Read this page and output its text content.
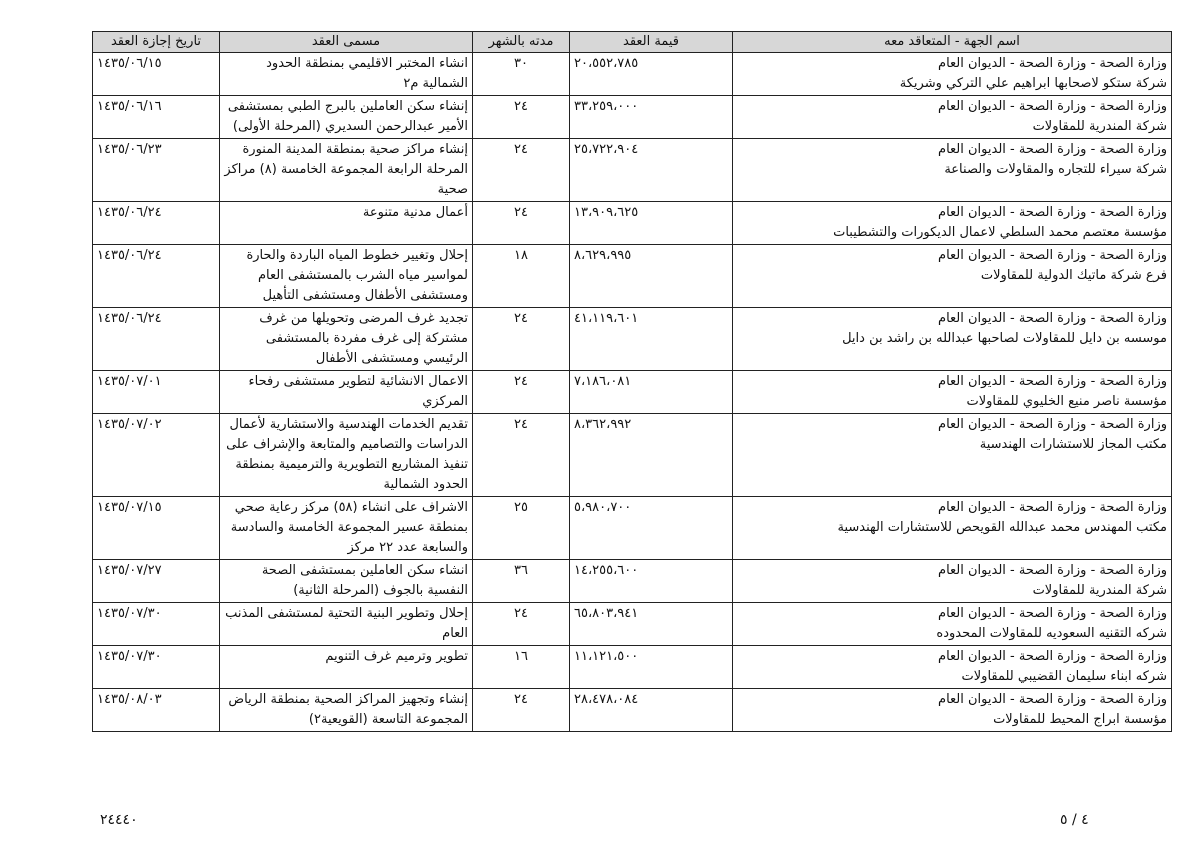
اسم الجهة - المتعاقد معه	قيمة العقد	مدته بالشهر	مسمى العقد	تاريخ إجازة العقد

وزارة الصحة - وزارة الصحة - الديوان العام
شركة ستكو لاصحابها ابراهيم علي التركي وشريكة	٢٠،٥٥٢،٧٨٥	٣٠	انشاء المختبر الاقليمي بمنطقة الحدود الشمالية م٢	١٤٣٥/٠٦/١٥

وزارة الصحة - وزارة الصحة - الديوان العام
شركة المندرية للمقاولات	٣٣،٢٥٩،٠٠٠	٢٤	إنشاء سكن العاملين بالبرج الطبي بمستشفى الأمير عبدالرحمن السديري (المرحلة الأولى)	١٤٣٥/٠٦/١٦

وزارة الصحة - وزارة الصحة - الديوان العام
شركة سيراء للتجاره والمقاولات والصناعة	٢٥،٧٢٢،٩٠٤	٢٤	إنشاء مراكز صحية بمنطقة المدينة المنورة المرحلة الرابعة المجموعة الخامسة (٨) مراكز صحية	١٤٣٥/٠٦/٢٣

وزارة الصحة - وزارة الصحة - الديوان العام
مؤسسة معتصم محمد السلطي لاعمال الديكورات والتشطيبات	١٣،٩٠٩،٦٢٥	٢٤	أعمال مدنية متنوعة	١٤٣٥/٠٦/٢٤

وزارة الصحة - وزارة الصحة - الديوان العام
فرع شركة ماتيك الدولية للمقاولات	٨،٦٢٩،٩٩٥	١٨	إحلال وتغيير خطوط المياه الباردة والحارة لمواسير مياه الشرب بالمستشفى العام ومستشفى الأطفال ومستشفى التأهيل	١٤٣٥/٠٦/٢٤

وزارة الصحة - وزارة الصحة - الديوان العام
موسسه بن دايل للمقاولات لصاحبها عبدالله بن راشد بن دايل	٤١،١١٩،٦٠١	٢٤	تجديد غرف المرضى وتحويلها من غرف مشتركة إلى غرف مفردة بالمستشفى الرئيسي ومستشفى الأطفال	١٤٣٥/٠٦/٢٤

وزارة الصحة - وزارة الصحة - الديوان العام
مؤسسة ناصر منيع الخليوي للمقاولات	٧،١٨٦،٠٨١	٢٤	الاعمال الانشائية لتطوير مستشفى رفحاء المركزي	١٤٣٥/٠٧/٠١

وزارة الصحة - وزارة الصحة - الديوان العام
مكتب المجاز للاستشارات الهندسية	٨،٣٦٢،٩٩٢	٢٤	تقديم الخدمات الهندسية والاستشارية لأعمال الدراسات والتصاميم والمتابعة والإشراف على تنفيذ المشاريع التطويرية والترميمية بمنطقة الحدود الشمالية	١٤٣٥/٠٧/٠٢

وزارة الصحة - وزارة الصحة - الديوان العام
مكتب المهندس محمد عبدالله القويحص للاستشارات الهندسية	٥،٩٨٠،٧٠٠	٢٥	الاشراف على انشاء (٥٨) مركز رعاية صحي بمنطقة عسير المجموعة الخامسة والسادسة والسابعة عدد ٢٢ مركز	١٤٣٥/٠٧/١٥

وزارة الصحة - وزارة الصحة - الديوان العام
شركة المندرية للمقاولات	١٤،٢٥٥،٦٠٠	٣٦	انشاء سكن العاملين بمستشفى الصحة النفسية بالجوف (المرحلة الثانية)	١٤٣٥/٠٧/٢٧

وزارة الصحة - وزارة الصحة - الديوان العام
شركه التقنيه السعوديه للمقاولات المحدوده	٦٥،٨٠٣،٩٤١	٢٤	إحلال وتطوير البنية التحتية لمستشفى المذنب العام	١٤٣٥/٠٧/٣٠

وزارة الصحة - وزارة الصحة - الديوان العام
شركه ابناء سليمان القضيبي للمقاولات	١١،١٢١،٥٠٠	١٦	تطوير وترميم غرف التنويم	١٤٣٥/٠٧/٣٠

وزارة الصحة - وزارة الصحة - الديوان العام
مؤسسة ابراج المحيط للمقاولات	٢٨،٤٧٨،٠٨٤	٢٤	إنشاء وتجهيز المراكز الصحية بمنطقة الرياض المجموعة التاسعة (القويعية٢)	١٤٣٥/٠٨/٠٣
٤ / ٥
٢٤٤٤٠
